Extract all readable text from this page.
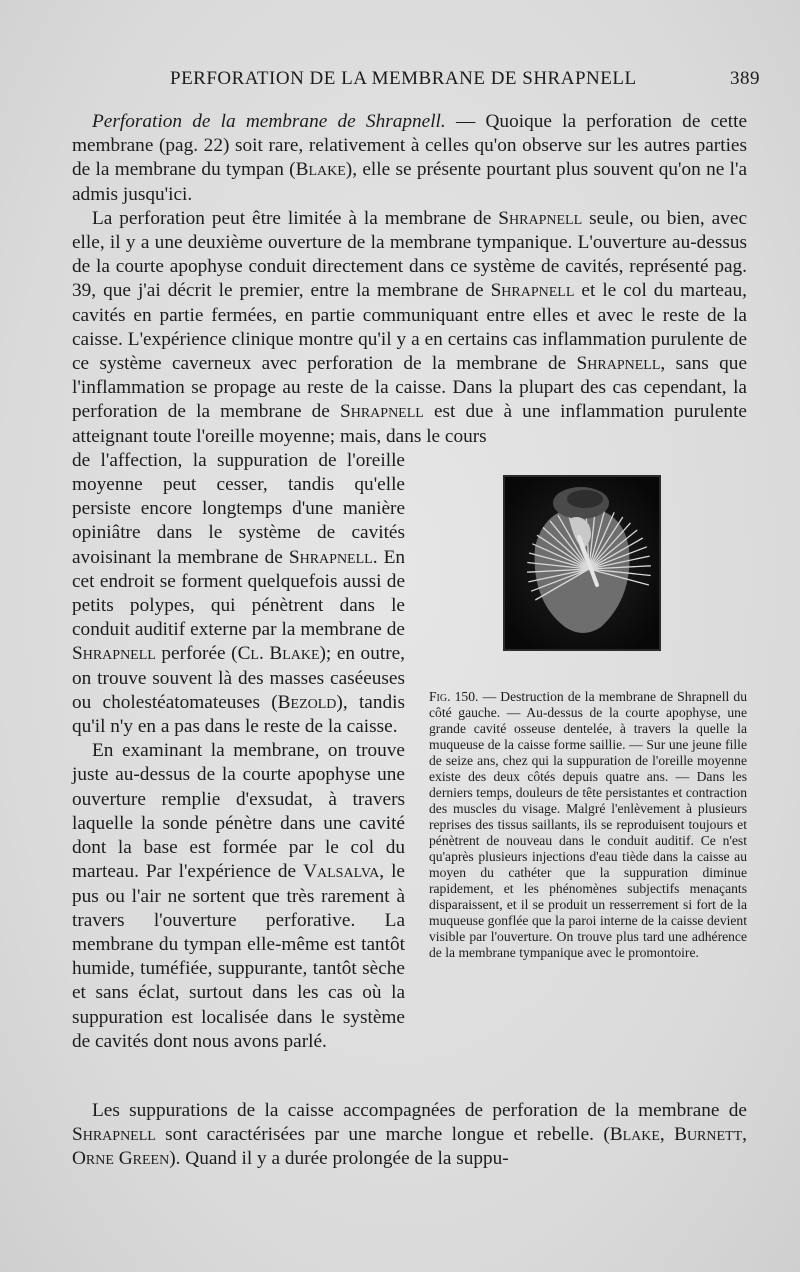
PERFORATION DE LA MEMBRANE DE SHRAPNELL	389

Perforation de la membrane de Shrapnell. — Quoique la perforation de cette membrane (pag. 22) soit rare, relativement à celles qu'on observe sur les autres parties de la membrane du tympan (Blake), elle se présente pourtant plus souvent qu'on ne l'a admis jusqu'ici.

La perforation peut être limitée à la membrane de Shrapnell seule, ou bien, avec elle, il y a une deuxième ouverture de la membrane tympanique. L'ouverture au-dessus de la courte apophyse conduit directement dans ce système de cavités, représenté pag. 39, que j'ai décrit le premier, entre la membrane de Shrapnell et le col du marteau, cavités en partie fermées, en partie communiquant entre elles et avec le reste de la caisse. L'expérience clinique montre qu'il y a en certains cas inflammation purulente de ce système caverneux avec perforation de la membrane de Shrapnell, sans que l'inflammation se propage au reste de la caisse. Dans la plupart des cas cependant, la perforation de la membrane de Shrapnell est due à une inflammation purulente atteignant toute l'oreille moyenne; mais, dans le cours

Fig. 150. — Destruction de la membrane de Shrapnell du côté gauche. — Au-dessus de la courte apophyse, une grande cavité osseuse dentelée, à travers la quelle la muqueuse de la caisse forme saillie. — Sur une jeune fille de seize ans, chez qui la suppuration de l'oreille moyenne existe des deux côtés depuis quatre ans. — Dans les derniers temps, douleurs de tête persistantes et contraction des muscles du visage. Malgré l'enlèvement à plusieurs reprises des tissus saillants, ils se reproduisent toujours et pénètrent de nouveau dans le conduit auditif. Ce n'est qu'après plusieurs injections d'eau tiède dans la caisse au moyen du cathéter que la suppuration diminue rapidement, et les phénomènes subjectifs menaçants disparaissent, et il se produit un resserrement si fort de la muqueuse gonflée que la paroi interne de la caisse devient visible par l'ouverture. On trouve plus tard une adhérence de la membrane tympanique avec le promontoire.

de l'affection, la suppuration de l'oreille moyenne peut cesser, tandis qu'elle persiste encore longtemps d'une manière opiniâtre dans le système de cavités avoisinant la membrane de Shrapnell. En cet endroit se forment quelquefois aussi de petits polypes, qui pénètrent dans le conduit auditif externe par la membrane de Shrapnell perforée (Cl. Blake); en outre, on trouve souvent là des masses caséeuses ou cholestéatomateuses (Bezold), tandis qu'il n'y en a pas dans le reste de la caisse.

En examinant la membrane, on trouve juste au-dessus de la courte apophyse une ouverture remplie d'exsudat, à travers laquelle la sonde pénètre dans une cavité dont la base est formée par le col du marteau. Par l'expérience de Valsalva, le pus ou l'air ne sortent que très rarement à travers l'ouverture perforative. La membrane du tympan elle-même est tantôt humide, tuméfiée, suppurante, tantôt sèche et sans éclat, surtout dans les cas où la suppuration est localisée dans le système de cavités dont nous avons parlé.

Les suppurations de la caisse accompagnées de perforation de la membrane de Shrapnell sont caractérisées par une marche longue et rebelle. (Blake, Burnett, Orne Green). Quand il y a durée prolongée de la suppu-
